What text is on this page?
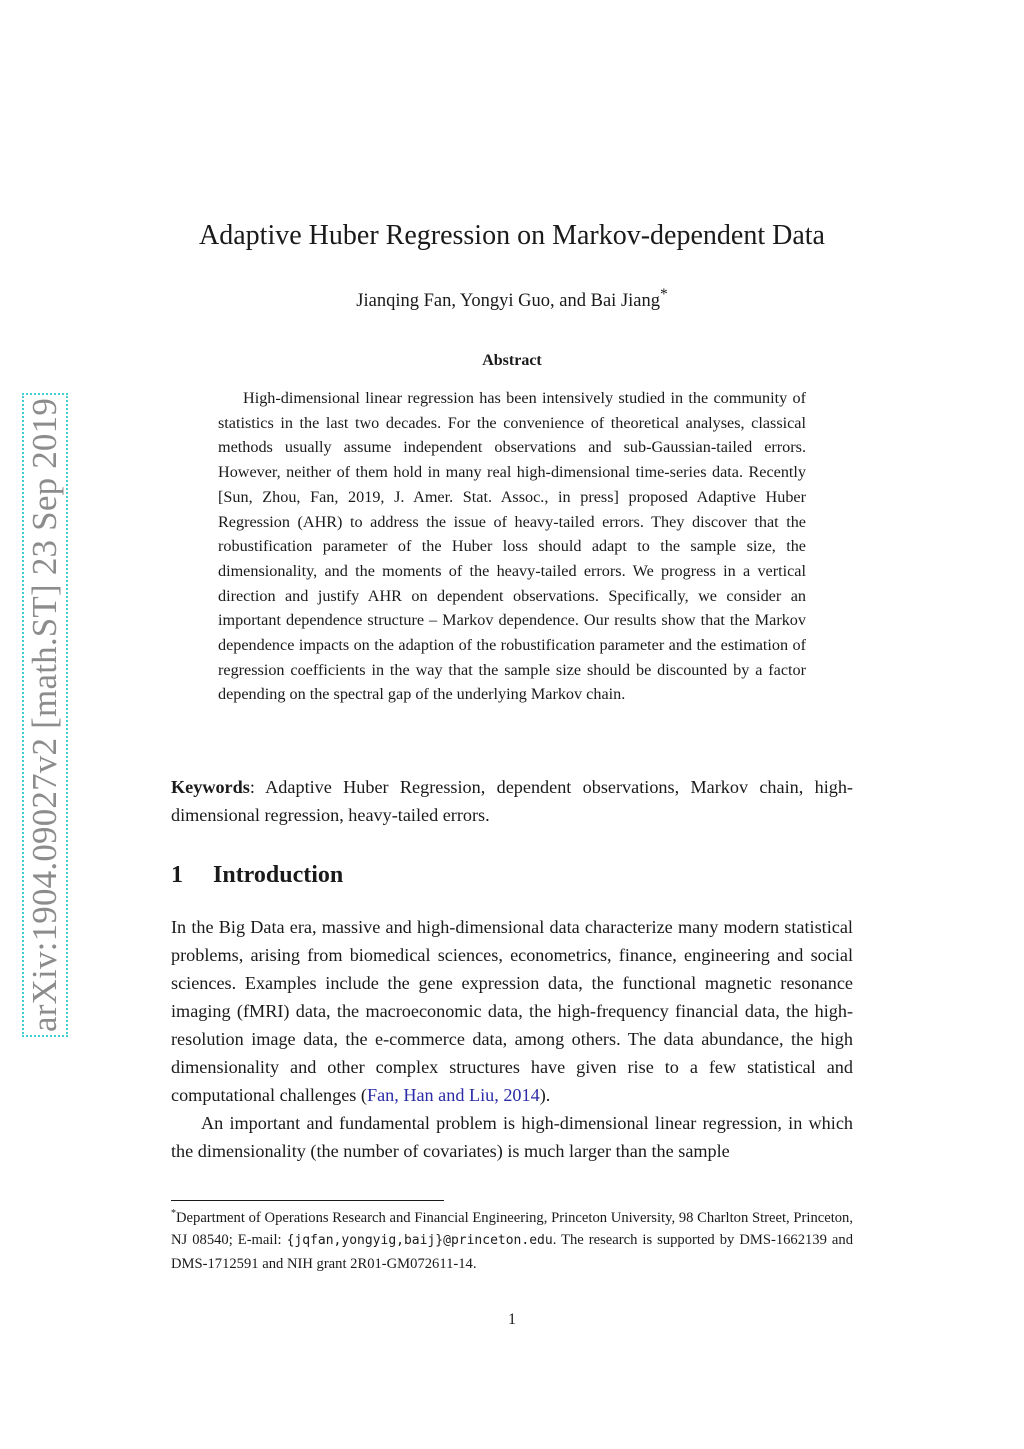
arXiv:1904.09027v2 [math.ST] 23 Sep 2019
Adaptive Huber Regression on Markov-dependent Data
Jianqing Fan, Yongyi Guo, and Bai Jiang*
Abstract
High-dimensional linear regression has been intensively studied in the community of statistics in the last two decades. For the convenience of theoretical analyses, classical methods usually assume independent observations and sub-Gaussian-tailed errors. However, neither of them hold in many real high-dimensional time-series data. Recently [Sun, Zhou, Fan, 2019, J. Amer. Stat. Assoc., in press] proposed Adaptive Huber Regression (AHR) to address the issue of heavy-tailed errors. They discover that the robustification parameter of the Huber loss should adapt to the sample size, the dimensionality, and the moments of the heavy-tailed errors. We progress in a vertical direction and justify AHR on dependent observations. Specifically, we consider an important dependence structure – Markov dependence. Our results show that the Markov dependence impacts on the adaption of the robustification parameter and the estimation of regression coefficients in the way that the sample size should be discounted by a factor depending on the spectral gap of the underlying Markov chain.
Keywords: Adaptive Huber Regression, dependent observations, Markov chain, high-dimensional regression, heavy-tailed errors.
1 Introduction

In the Big Data era, massive and high-dimensional data characterize many modern statistical problems, arising from biomedical sciences, econometrics, finance, engineering and social sciences. Examples include the gene expression data, the functional magnetic resonance imaging (fMRI) data, the macroeconomic data, the high-frequency financial data, the high-resolution image data, the e-commerce data, among others. The data abundance, the high dimensionality and other complex structures have given rise to a few statistical and computational challenges (Fan, Han and Liu, 2014).

An important and fundamental problem is high-dimensional linear regression, in which the dimensionality (the number of covariates) is much larger than the sample

*Department of Operations Research and Financial Engineering, Princeton University, 98 Charlton Street, Princeton, NJ 08540; E-mail: {jqfan,yongyig,baij}@princeton.edu. The research is supported by DMS-1662139 and DMS-1712591 and NIH grant 2R01-GM072611-14.
1
